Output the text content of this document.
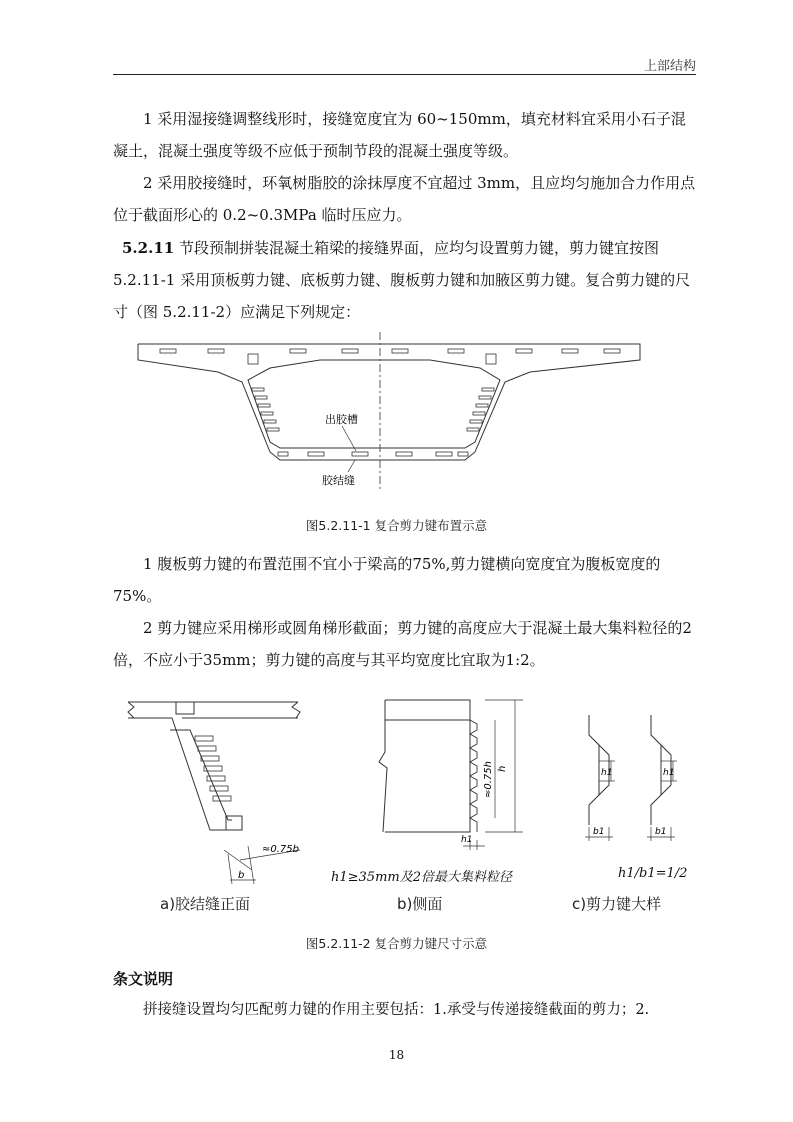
上部结构

1 采用湿接缝调整线形时，接缝宽度宜为 60~150mm，填充材料宜采用小石子混凝土，混凝土强度等级不应低于预制节段的混凝土强度等级。

2 采用胶接缝时，环氧树脂胶的涂抹厚度不宜超过 3mm，且应均匀施加合力作用点位于截面形心的 0.2~0.3MPa 临时压应力。

5.2.11 节段预制拼装混凝土箱梁的接缝界面，应均匀设置剪力键，剪力键宜按图 5.2.11-1 采用顶板剪力键、底板剪力键、腹板剪力键和加腋区剪力键。复合剪力键的尺寸（图 5.2.11-2）应满足下列规定：

出胶槽
胶结缝
图5.2.11-1 复合剪力键布置示意

1 腹板剪力键的布置范围不宜小于梁高的75%,剪力键横向宽度宜为腹板宽度的75%。

2 剪力键应采用梯形或圆角梯形截面；剪力键的高度应大于混凝土最大集料粒径的2倍，不应小于35mm；剪力键的高度与其平均宽度比宜取为1:2。

≈0.75b
b
h
≈0.75h
h1
h1≥35mm及2倍最大集料粒径
h1	h1
b1	b1
h1/b1=1/2
a)胶结缝正面	b)侧面	c)剪力键大样
图5.2.11-2 复合剪力键尺寸示意
条文说明
拼接缝设置均匀匹配剪力键的作用主要包括：1.承受与传递接缝截面的剪力；2.
18
